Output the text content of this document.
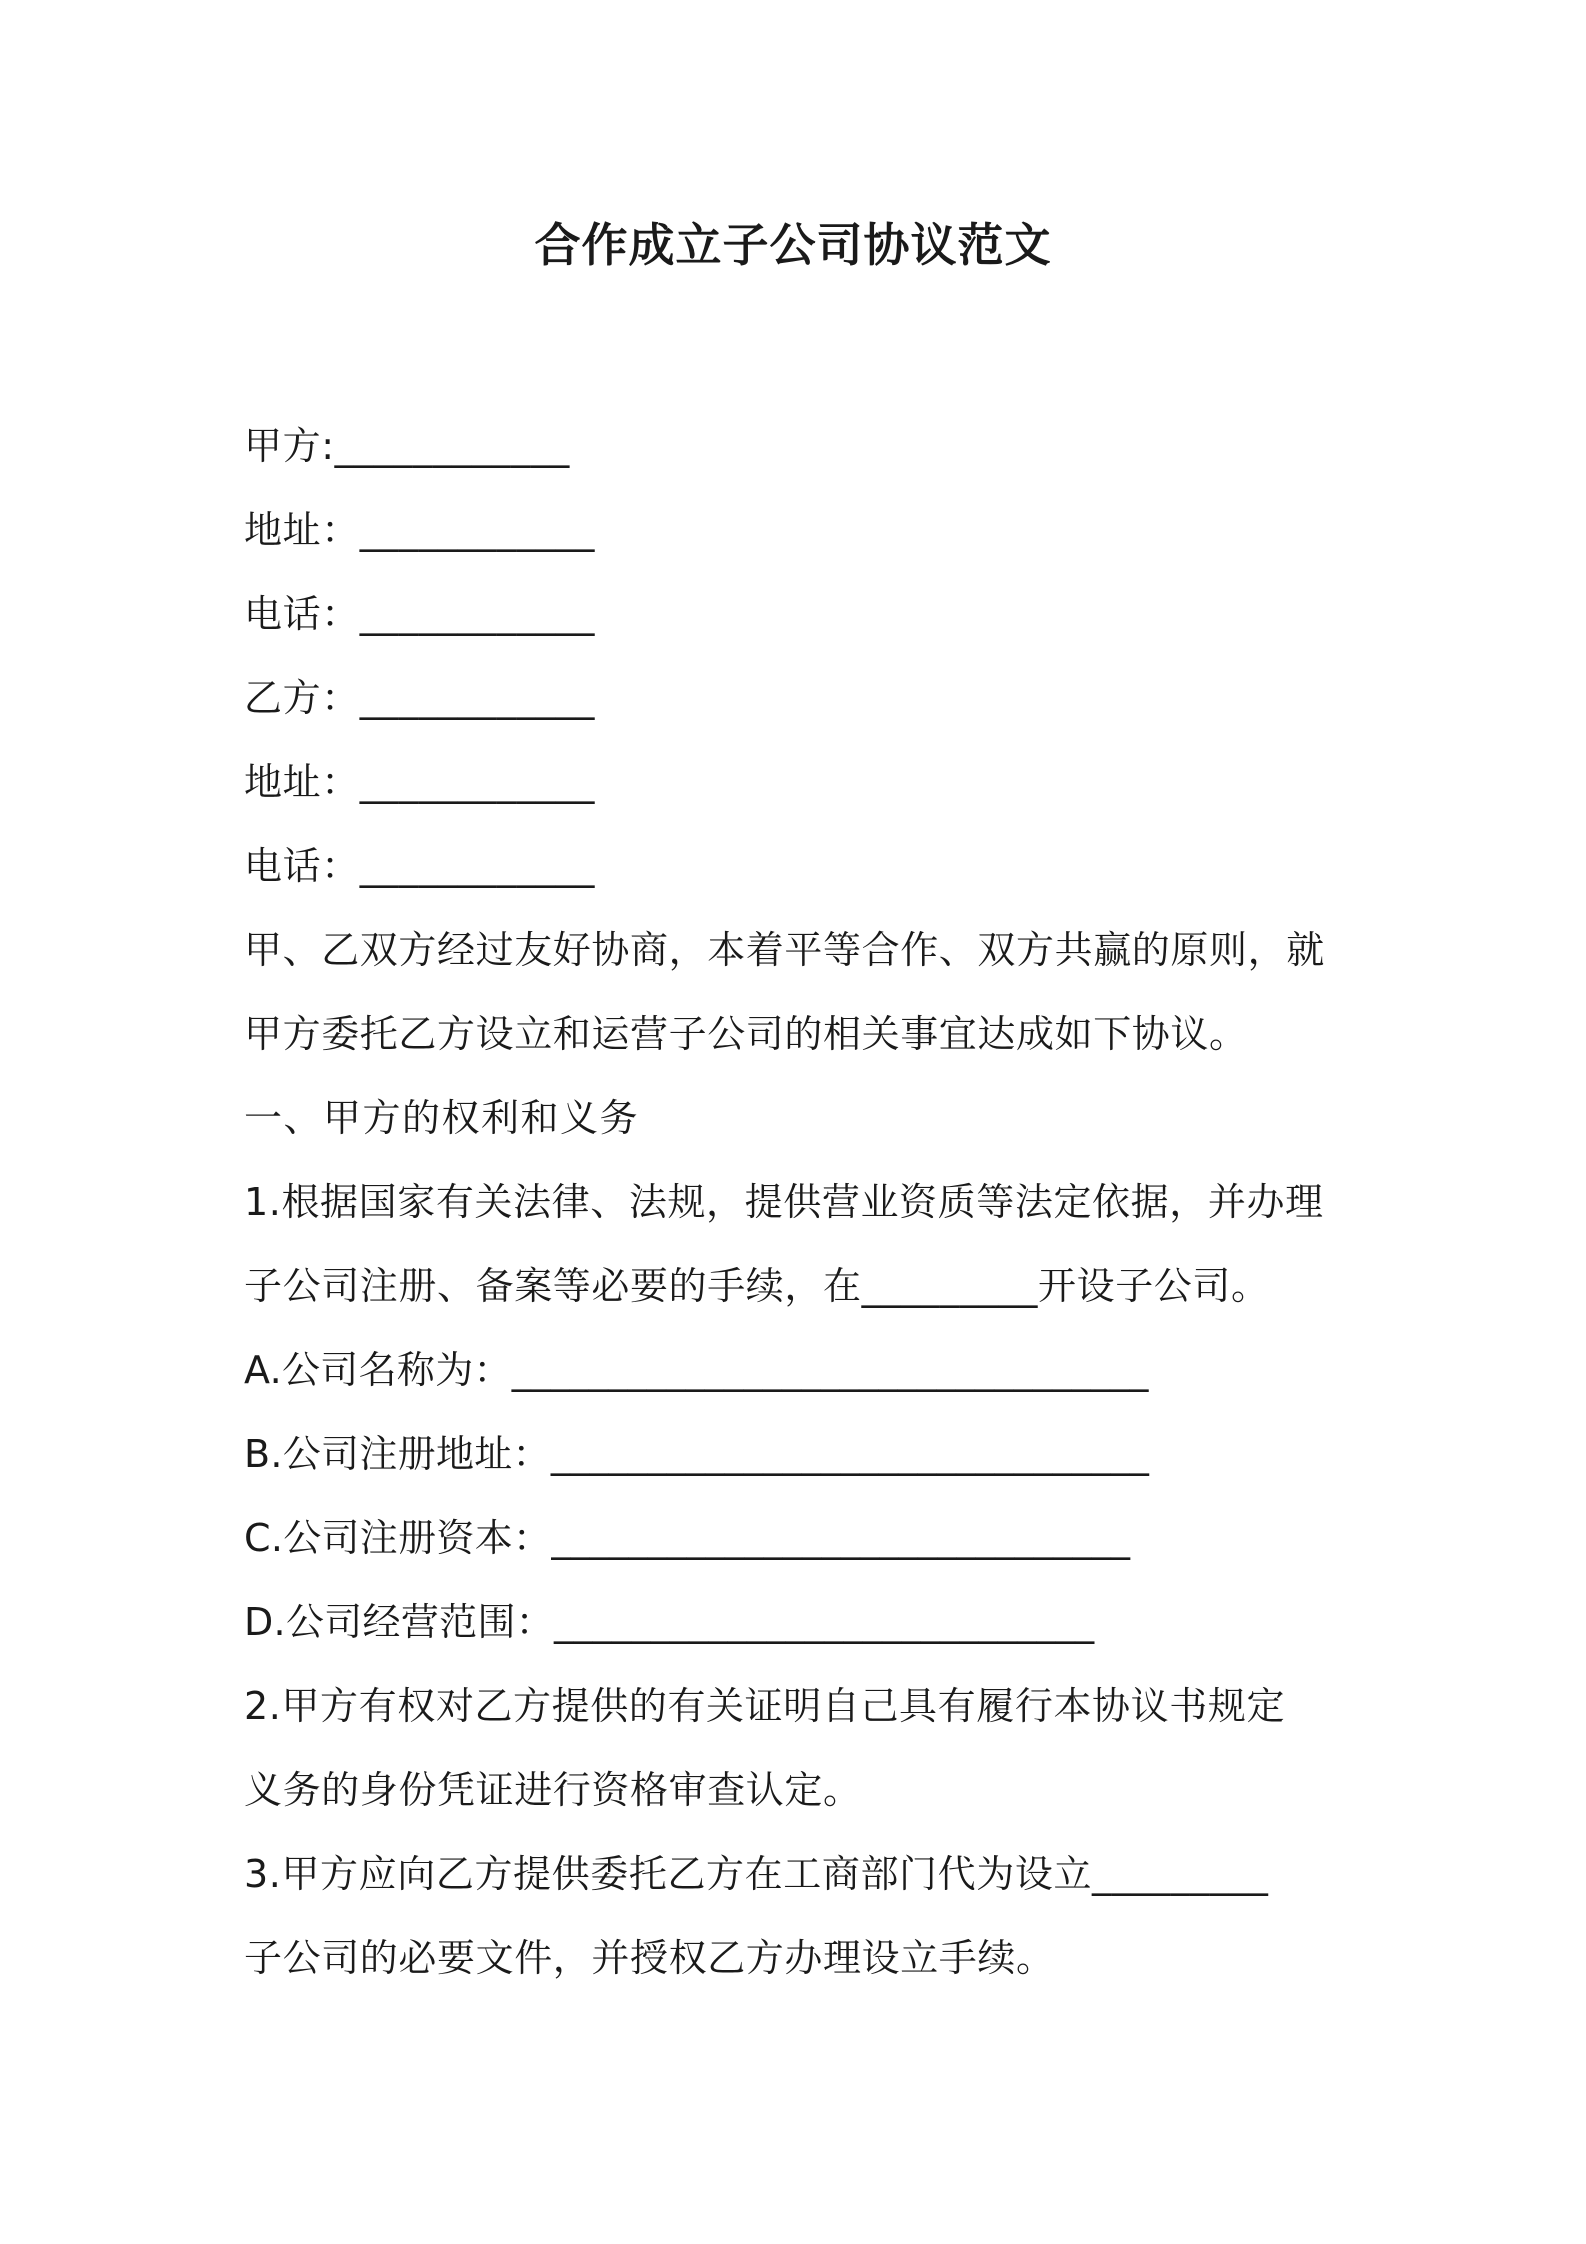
合作成立子公司协议范文

甲方:____________

地址：____________

电话：____________

乙方：____________

地址：____________

电话：____________

甲、乙双方经过友好协商，本着平等合作、双方共赢的原则，就

甲方委托乙方设立和运营子公司的相关事宜达成如下协议。

一、甲方的权利和义务

1.根据国家有关法律、法规，提供营业资质等法定依据，并办理

子公司注册、备案等必要的手续，在_________开设子公司。

A.公司名称为：_________________________________

B.公司注册地址：_______________________________

C.公司注册资本：______________________________

D.公司经营范围：____________________________

2.甲方有权对乙方提供的有关证明自己具有履行本协议书规定

义务的身份凭证进行资格审查认定。

3.甲方应向乙方提供委托乙方在工商部门代为设立_________

子公司的必要文件，并授权乙方办理设立手续。
